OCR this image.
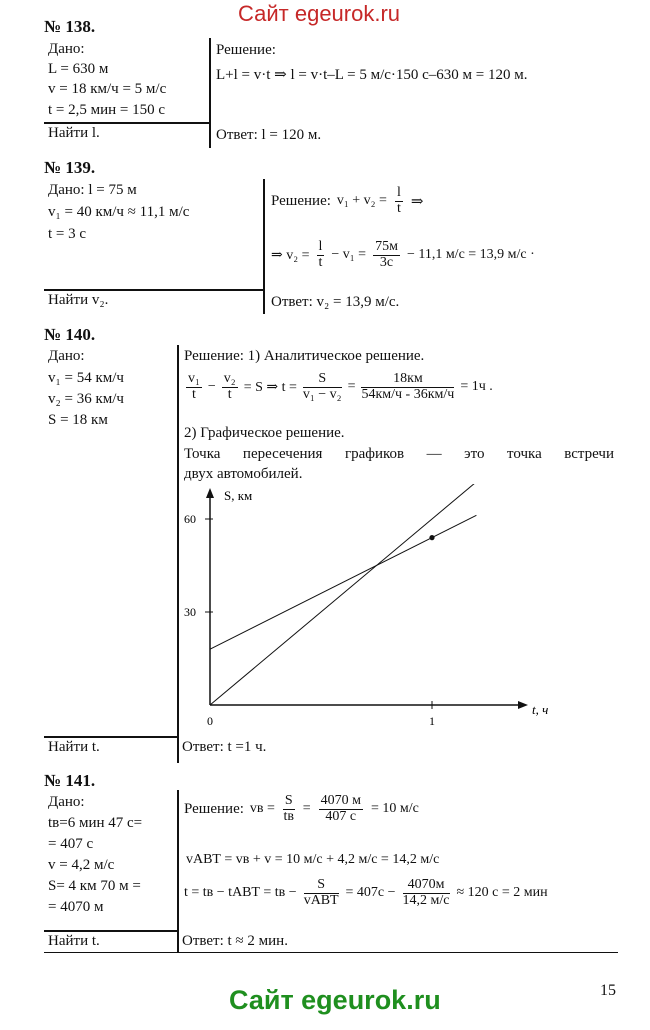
Сайт egeurok.ru
№ 138.
Дано:
L = 630 м
v = 18 км/ч = 5 м/с
t = 2,5 мин = 150 с
Найти l.
Решение:
L+l = v·t ⇒ l = v·t–L = 5 м/с·150 с–630 м = 120 м.
Ответ: l = 120 м.
№ 139.
Дано: l = 75 м
v₁ = 40 км/ч ≈ 11,1 м/с
t = 3 с
Найти v₂.
Решение: $v_1 + v_2 = \frac{l}{t}$ ⇒
⇒ $v_2 = \frac{l}{t} - v_1 = \frac{75м}{3с} - 11,1$ м/с = 13,9 м/с ·
Ответ: v₂ = 13,9 м/с.
№ 140.
Дано:
v₁ = 54 км/ч
v₂ = 36 км/ч
S = 18 км
Найти t.
Решение: 1) Аналитическое решение.
$\frac{\text{v₁}}{t} - \frac{\text{v₂}}{t} = S$ ⇒ $t = \frac{S}{\text{v₁ − v₂}} = \frac{18км}{54км/ч - 36км/ч} = 1ч$ .
2) Графическое решение.
Точка пересечения графиков — это точка встречи
двух автомобилей.
S, км
t, ч
60
30
0	1
Ответ: t =1 ч.
№ 141.
Дано:
tв=6 мин 47 с=
= 407 с
v = 4,2 м/с
S= 4 км 70 м =
= 4070 м
Найти t.
Решение: vв = $\frac{S}{tв} = \frac{4070 м}{407 с} = 10$ м/с
vАВТ = vв + v = 10 м/с + 4,2 м/с = 14,2 м/с
t = tв − tАВТ = tв − $\frac{S}{\text{vАВТ}} = 407с - \frac{4070м}{14,2 м/с} \approx 120$ с = 2 мин
Ответ: t ≈ 2 мин.
15
Сайт egeurok.ru
